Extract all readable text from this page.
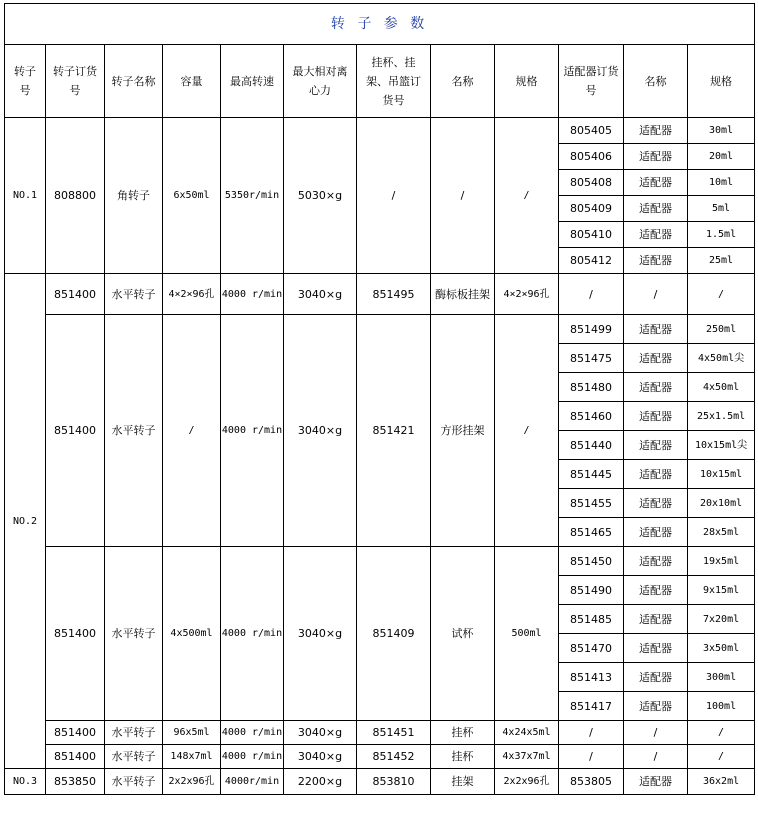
转 子 参 数											
转子号	转子订货号	转子名称	容量	最高转速	最大相对离心力	挂杯、挂架、吊篮订货号	名称	规格	适配器订货号	名称	规格
NO.1	808800	角转子	6x50ml	5350r/min	5030×g	/	/	/	805405	适配器	30ml
									805406	适配器	20ml
									805408	适配器	10ml
									805409	适配器	5ml
									805410	适配器	1.5ml
									805412	适配器	25ml
NO.2	851400	水平转子	4×2×96孔	4000 r/min	3040×g	851495	酶标板挂架	4×2×96孔	/	/	/
	851400	水平转子	/	4000 r/min	3040×g	851421	方形挂架	/	851499	适配器	250ml
									851475	适配器	4x50ml尖
									851480	适配器	4x50ml
									851460	适配器	25x1.5ml
									851440	适配器	10x15ml尖
									851445	适配器	10x15ml
									851455	适配器	20x10ml
									851465	适配器	28x5ml
	851400	水平转子	4x500ml	4000 r/min	3040×g	851409	试杯	500ml	851450	适配器	19x5ml
									851490	适配器	9x15ml
									851485	适配器	7x20ml
									851470	适配器	3x50ml
									851413	适配器	300ml
									851417	适配器	100ml
	851400	水平转子	96x5ml	4000 r/min	3040×g	851451	挂杯	4x24x5ml	/	/	/
	851400	水平转子	148x7ml	4000 r/min	3040×g	851452	挂杯	4x37x7ml	/	/	/
NO.3	853850	水平转子	2x2x96孔	4000r/min	2200×g	853810	挂架	2x2x96孔	853805	适配器	36x2ml
